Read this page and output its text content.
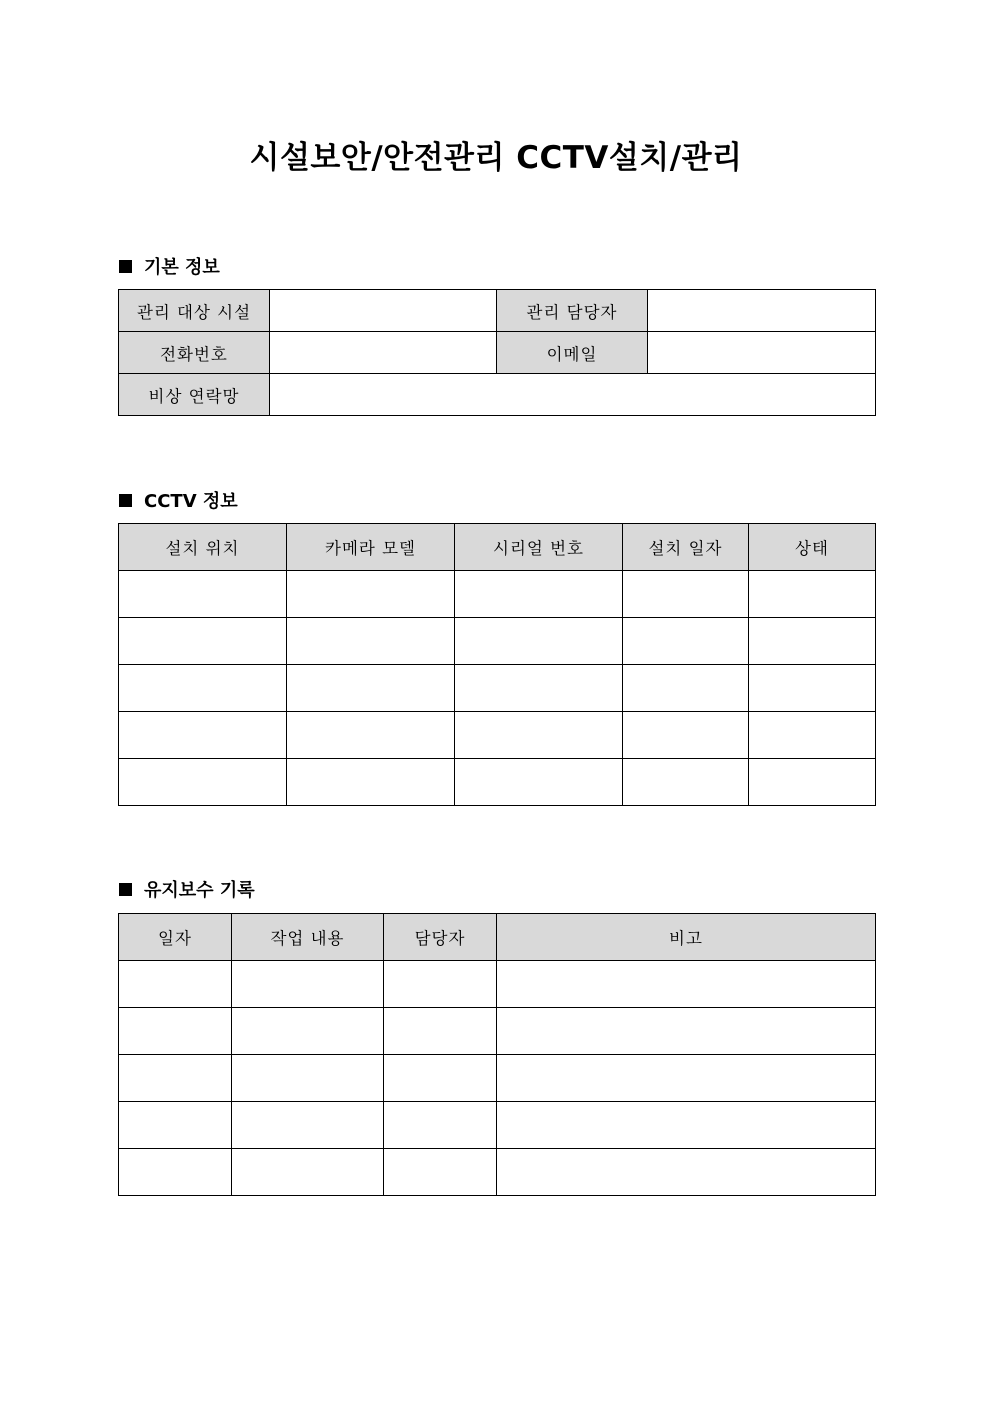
시설보안/안전관리 CCTV설치/관리
기본 정보
관리 대상 시설		관리 담당자	
전화번호		이메일	
비상 연락망			
CCTV 정보
설치 위치	카메라 모델	시리얼 번호	설치 일자	상태

유지보수 기록
일자	작업 내용	담당자	비고
